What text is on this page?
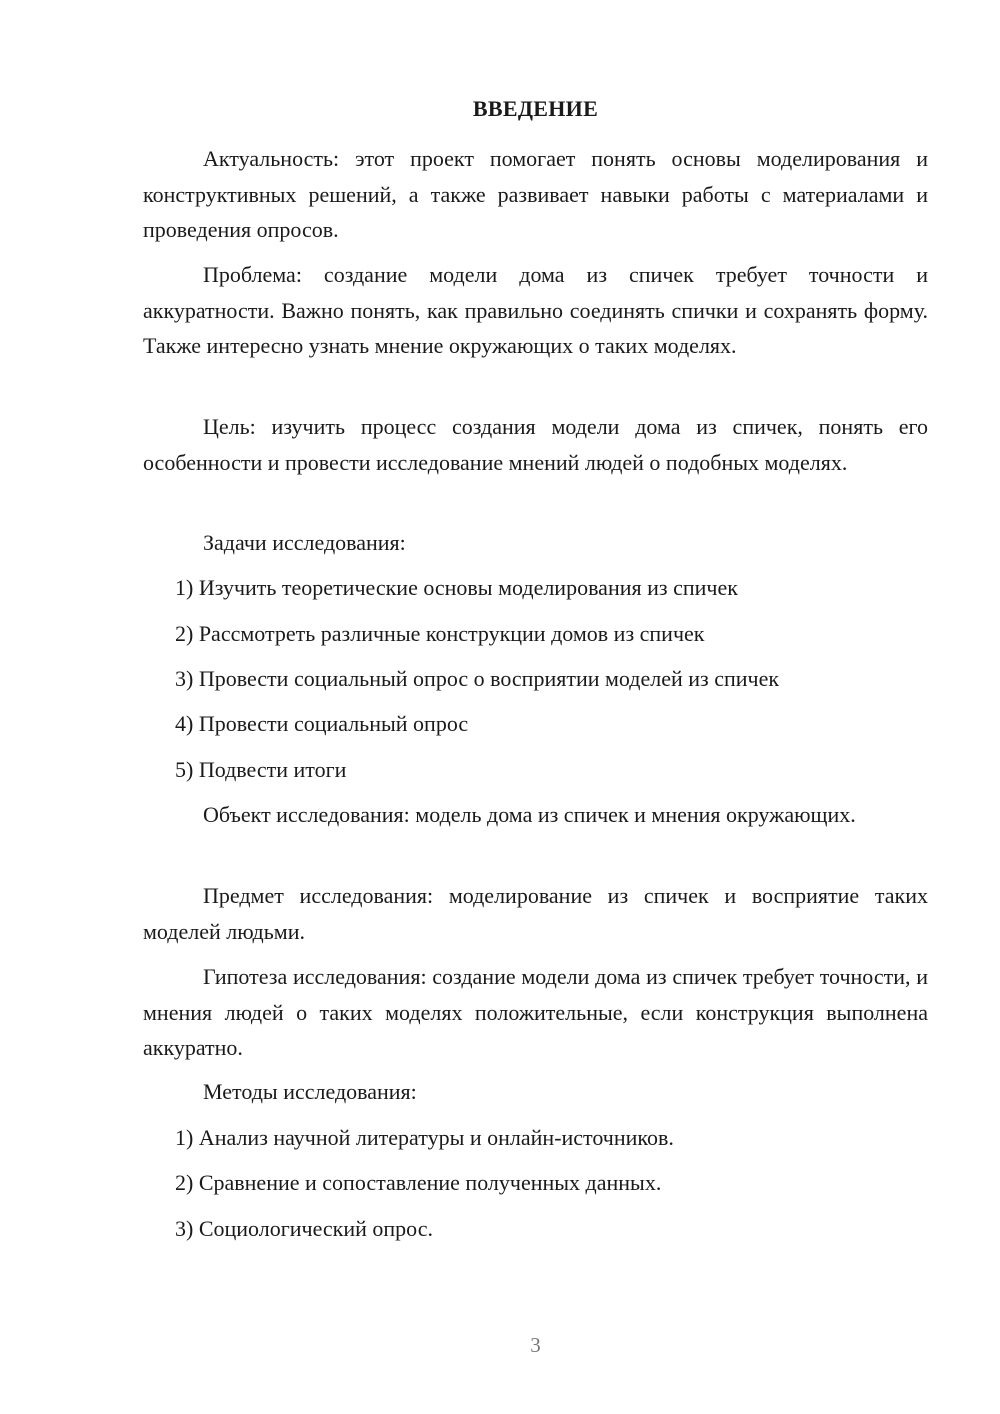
ВВЕДЕНИЕ

Актуальность: этот проект помогает понять основы моделирования и конструктивных решений, а также развивает навыки работы с материалами и проведения опросов.

Проблема: создание модели дома из спичек требует точности и аккуратности. Важно понять, как правильно соединять спички и сохранять форму. Также интересно узнать мнение окружающих о таких моделях.

Цель: изучить процесс создания модели дома из спичек, понять его особенности и провести исследование мнений людей о подобных моделях.

Задачи исследования:
1) Изучить теоретические основы моделирования из спичек
2) Рассмотреть различные конструкции домов из спичек
3) Провести социальный опрос о восприятии моделей из спичек
4) Провести социальный опрос
5) Подвести итоги

Объект исследования: модель дома из спичек и мнения окружающих.

Предмет исследования: моделирование из спичек и восприятие таких моделей людьми.

Гипотеза исследования: создание модели дома из спичек требует точности, и мнения людей о таких моделях положительные, если конструкция выполнена аккуратно.

Методы исследования:
1) Анализ научной литературы и онлайн-источников.
2) Сравнение и сопоставление полученных данных.
3) Социологический опрос.
3
